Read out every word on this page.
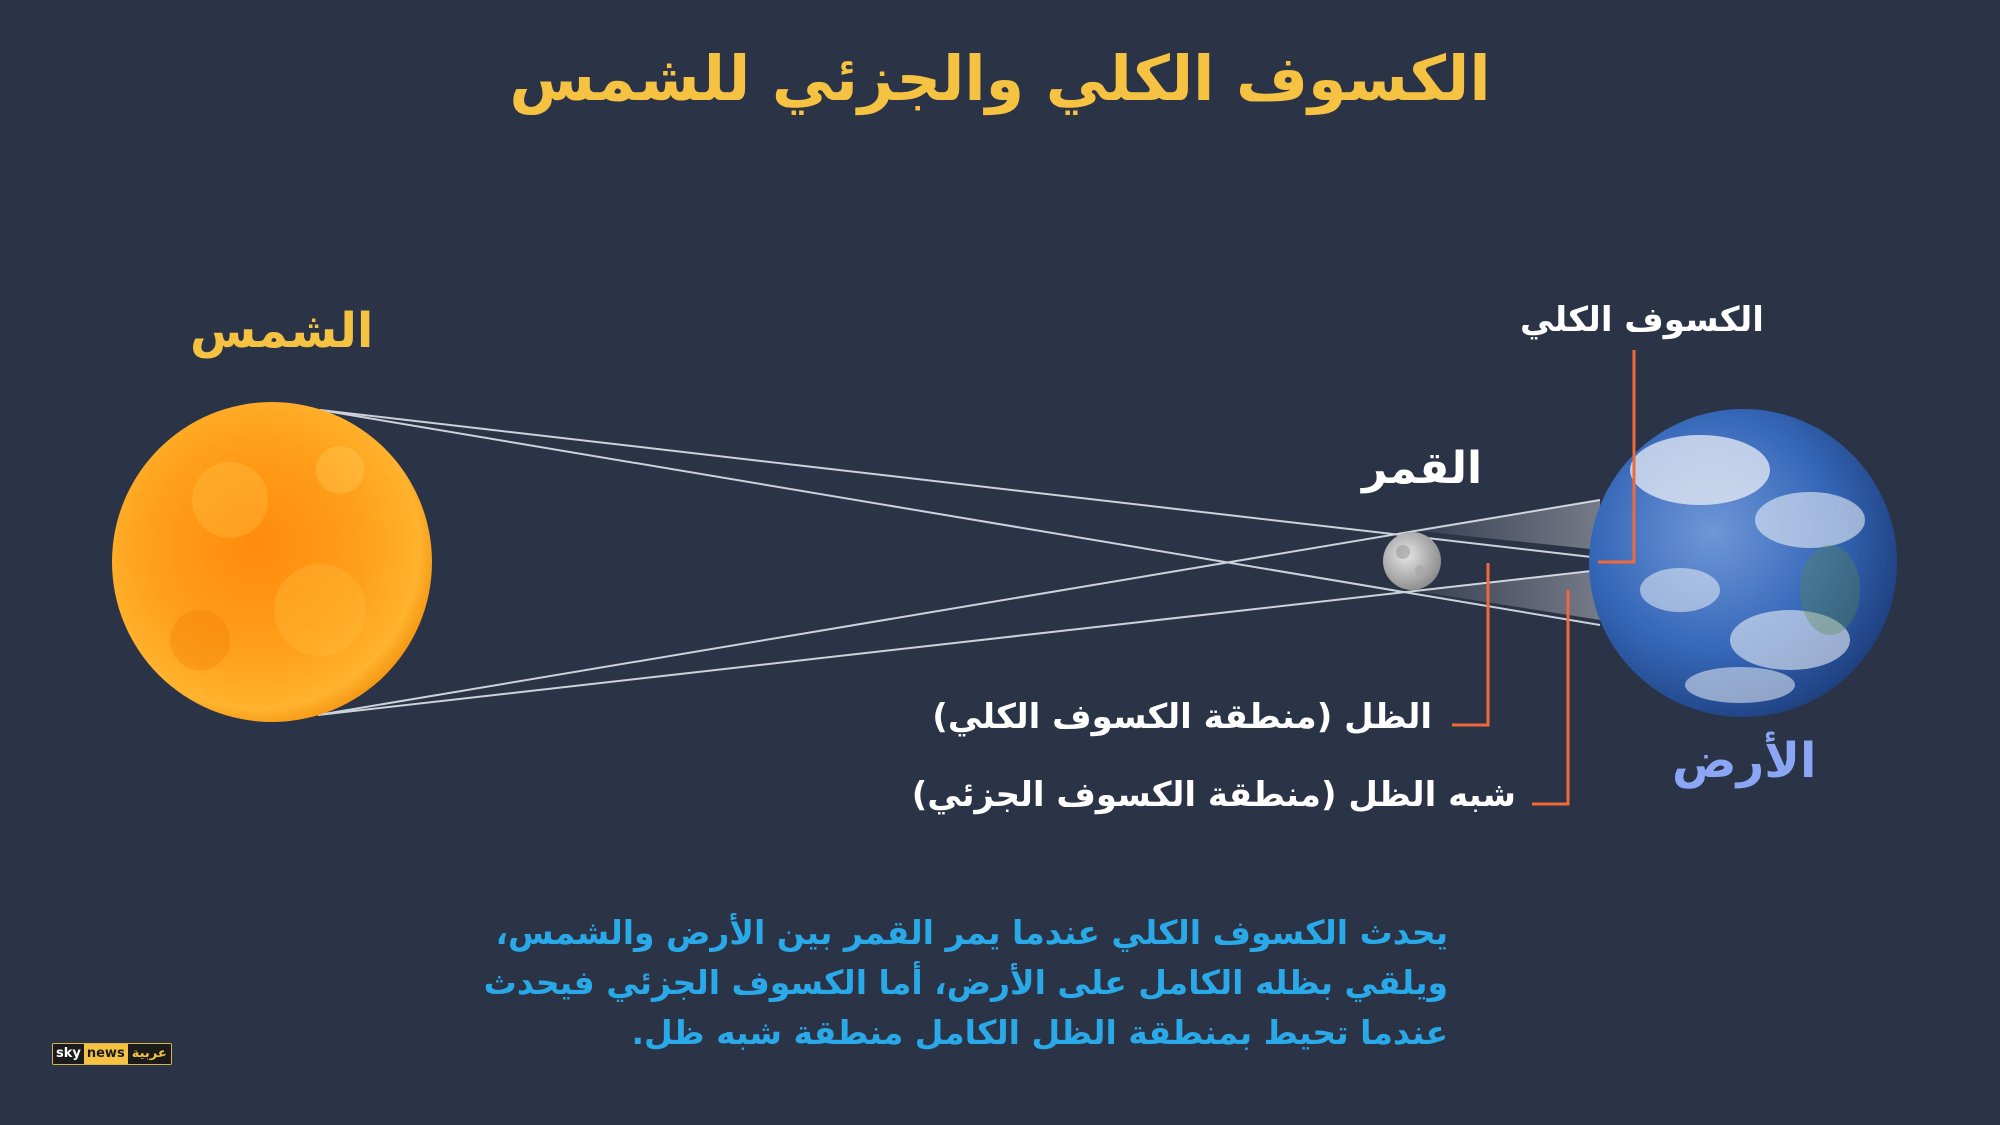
الكسوف الكلي والجزئي للشمس
الشمس
القمر
الأرض
الكسوف الكلي
الظل (منطقة الكسوف الكلي)
شبه الظل (منطقة الكسوف الجزئي)
يحدث الكسوف الكلي عندما يمر القمر بين الأرض والشمس،
ويلقي بظله الكامل على الأرض، أما الكسوف الجزئي فيحدث
عندما تحيط بمنطقة الظل الكامل منطقة شبه ظل.
sky news عربية
